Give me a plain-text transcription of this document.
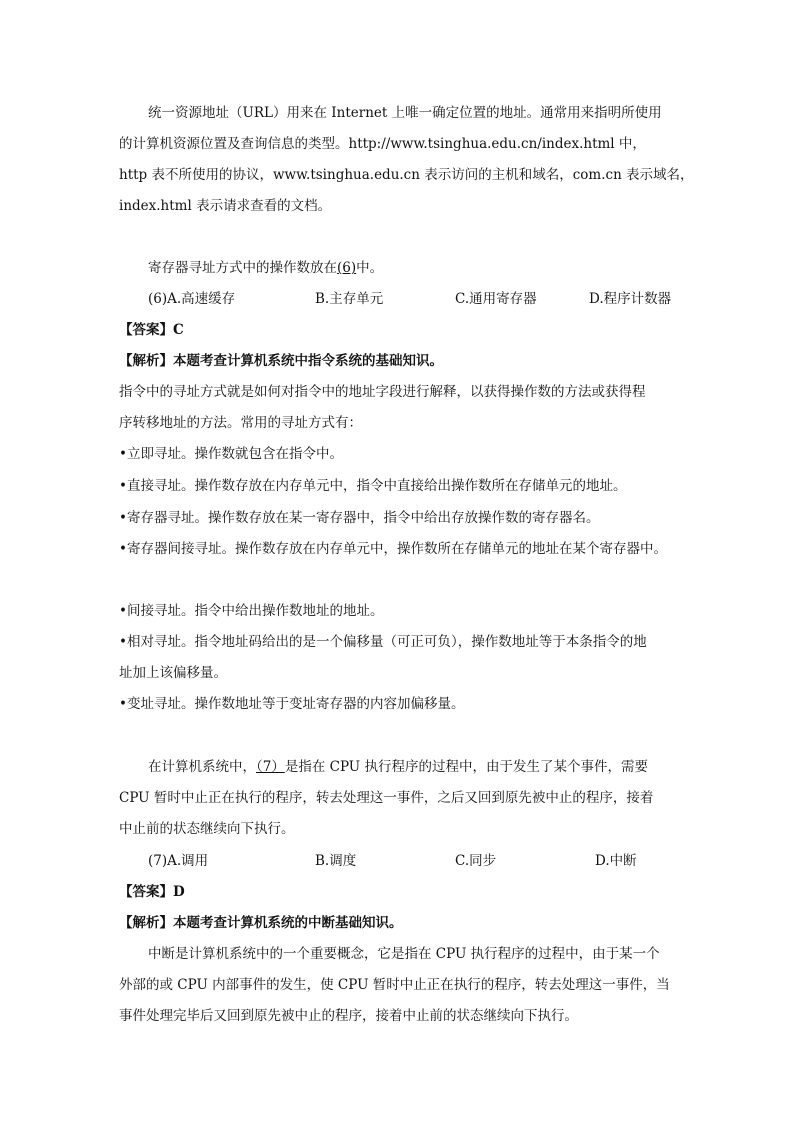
统一资源地址（URL）用来在 Internet 上唯一确定位置的地址。通常用来指明所使用
的计算机资源位置及查询信息的类型。http://www.tsinghua.edu.cn/index.html 中，
http 表不所使用的协议，www.tsinghua.edu.cn 表示访问的主机和域名，com.cn 表示域名，
index.html 表示请求查看的文档。
寄存器寻址方式中的操作数放在(6)中。
(6)A.高速缓存	B.主存单元	C.通用寄存器	D.程序计数器
【答案】C
【解析】本题考查计算机系统中指令系统的基础知识。
指令中的寻址方式就是如何对指令中的地址字段进行解释，以获得操作数的方法或获得程
序转移地址的方法。常用的寻址方式有：
•立即寻址。操作数就包含在指令中。
•直接寻址。操作数存放在内存单元中，指令中直接给出操作数所在存储单元的地址。
•寄存器寻址。操作数存放在某一寄存器中，指令中给出存放操作数的寄存器名。
•寄存器间接寻址。操作数存放在内存单元中，操作数所在存储单元的地址在某个寄存器中。
•间接寻址。指令中给出操作数地址的地址。
•相对寻址。指令地址码给出的是一个偏移量（可正可负），操作数地址等于本条指令的地
址加上该偏移量。
•变址寻址。操作数地址等于变址寄存器的内容加偏移量。
在计算机系统中，（7）是指在 CPU 执行程序的过程中，由于发生了某个事件，需要
CPU 暂时中止正在执行的程序，转去处理这一事件，之后又回到原先被中止的程序，接着
中止前的状态继续向下执行。
(7)A.调用	B.调度	C.同步	D.中断
【答案】D
【解析】本题考查计算机系统的中断基础知识。
中断是计算机系统中的一个重要概念，它是指在 CPU 执行程序的过程中，由于某一个
外部的或 CPU 内部事件的发生，使 CPU 暂时中止正在执行的程序，转去处理这一事件，当
事件处理完毕后又回到原先被中止的程序，接着中止前的状态继续向下执行。
